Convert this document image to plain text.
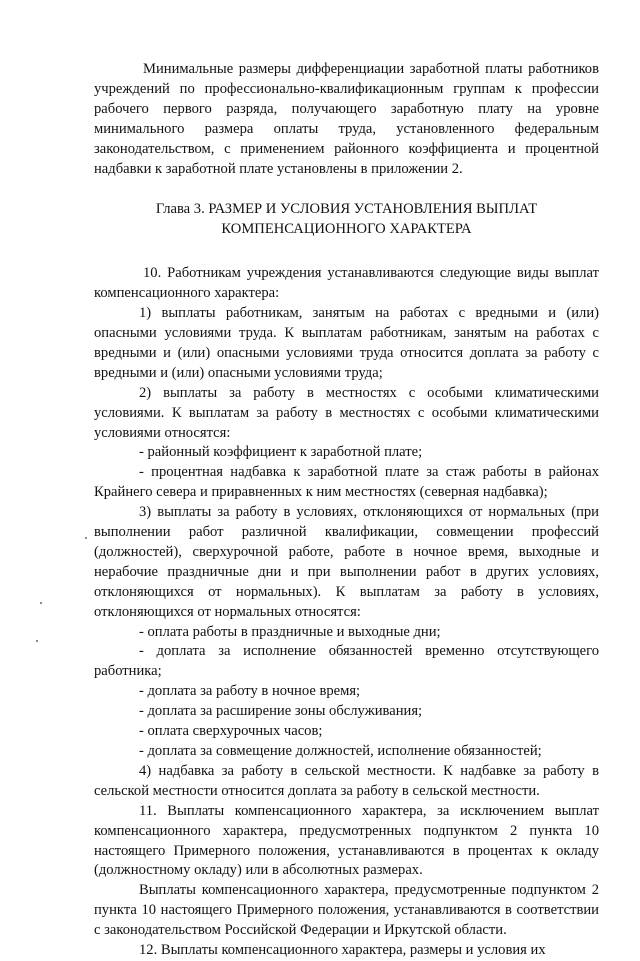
Минимальные размеры дифференциации заработной платы работников учреждений по профессионально-квалификационным группам к профессии рабочего первого разряда, получающего заработную плату на уровне минимального размера оплаты труда, установленного федеральным законодательством, с применением районного коэффициента и процентной надбавки к заработной плате установлены в приложении 2.

Глава 3. РАЗМЕР И УСЛОВИЯ УСТАНОВЛЕНИЯ ВЫПЛАТ
КОМПЕНСАЦИОННОГО ХАРАКТЕРА

10. Работникам учреждения устанавливаются следующие виды выплат компенсационного характера:

1) выплаты работникам, занятым на работах с вредными и (или) опасными условиями труда. К выплатам работникам, занятым на работах с вредными и (или) опасными условиями труда относится доплата за работу с вредными и (или) опасными условиями труда;

2) выплаты за работу в местностях с особыми климатическими условиями. К выплатам за работу в местностях с особыми климатическими условиями относятся:

- районный коэффициент к заработной плате;

- процентная надбавка к заработной плате за стаж работы в районах Крайнего севера и приравненных к ним местностях (северная надбавка);

3) выплаты за работу в условиях, отклоняющихся от нормальных (при выполнении работ различной квалификации, совмещении профессий (должностей), сверхурочной работе, работе в ночное время, выходные и нерабочие праздничные дни и при выполнении работ в других условиях, отклоняющихся от нормальных). К выплатам за работу в условиях, отклоняющихся от нормальных относятся:

- оплата работы в праздничные и выходные дни;

- доплата за исполнение обязанностей временно отсутствующего работника;

- доплата за работу в ночное время;

- доплата за расширение зоны обслуживания;

- оплата сверхурочных часов;

- доплата за совмещение должностей, исполнение обязанностей;

4) надбавка за работу в сельской местности. К надбавке за работу в сельской местности относится доплата за работу в сельской местности.

11. Выплаты компенсационного характера, за исключением выплат компенсационного характера, предусмотренных подпунктом 2 пункта 10 настоящего Примерного положения, устанавливаются в процентах к окладу (должностному окладу) или в абсолютных размерах.

Выплаты компенсационного характера, предусмотренные подпунктом 2 пункта 10 настоящего Примерного положения, устанавливаются в соответствии с законодательством Российской Федерации и Иркутской области.

12. Выплаты компенсационного характера, размеры и условия их
